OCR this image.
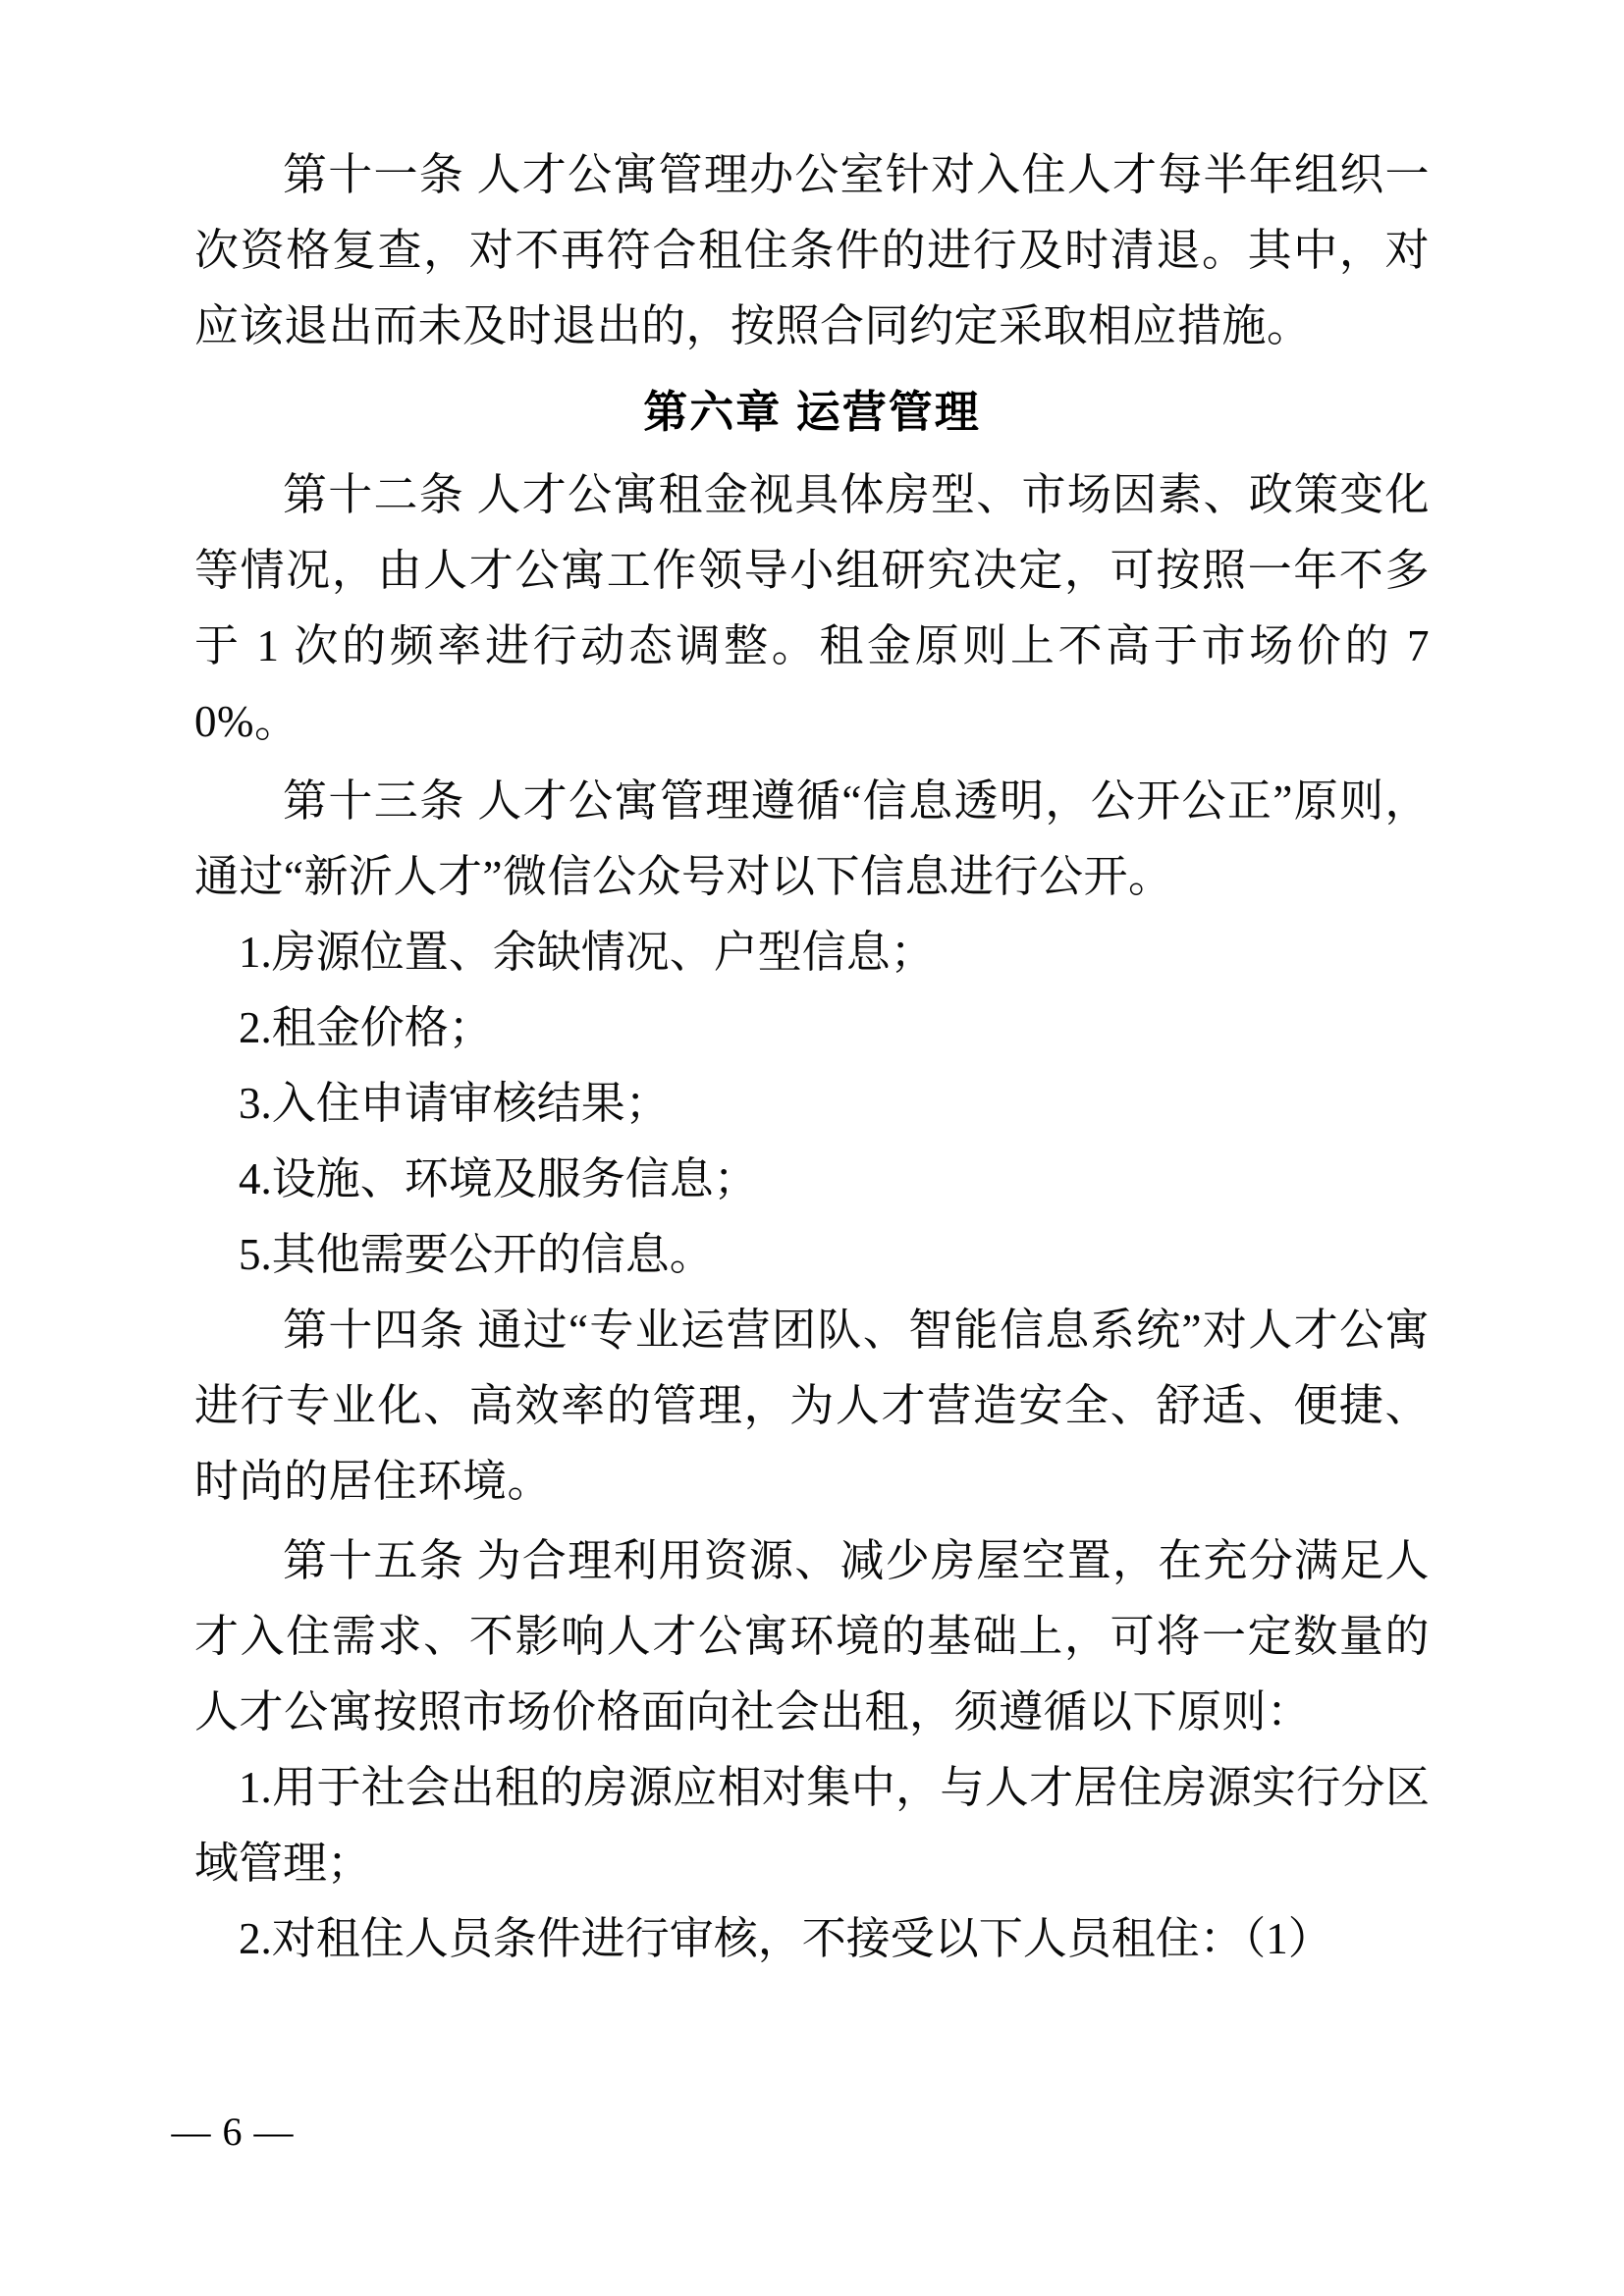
第十一条 人才公寓管理办公室针对入住人才每半年组织一次资格复查，对不再符合租住条件的进行及时清退。其中，对应该退出而未及时退出的，按照合同约定采取相应措施。

第六章 运营管理

第十二条 人才公寓租金视具体房型、市场因素、政策变化等情况，由人才公寓工作领导小组研究决定，可按照一年不多于 1 次的频率进行动态调整。租金原则上不高于市场价的 70%。

第十三条 人才公寓管理遵循“信息透明，公开公正”原则，通过“新沂人才”微信公众号对以下信息进行公开。

1.房源位置、余缺情况、户型信息；

2.租金价格；

3.入住申请审核结果；

4.设施、环境及服务信息；

5.其他需要公开的信息。

第十四条 通过“专业运营团队、智能信息系统”对人才公寓进行专业化、高效率的管理，为人才营造安全、舒适、便捷、时尚的居住环境。

第十五条 为合理利用资源、减少房屋空置，在充分满足人才入住需求、不影响人才公寓环境的基础上，可将一定数量的人才公寓按照市场价格面向社会出租，须遵循以下原则：

1.用于社会出租的房源应相对集中，与人才居住房源实行分区域管理；

2.对租住人员条件进行审核，不接受以下人员租住：（1）

— 6 —
